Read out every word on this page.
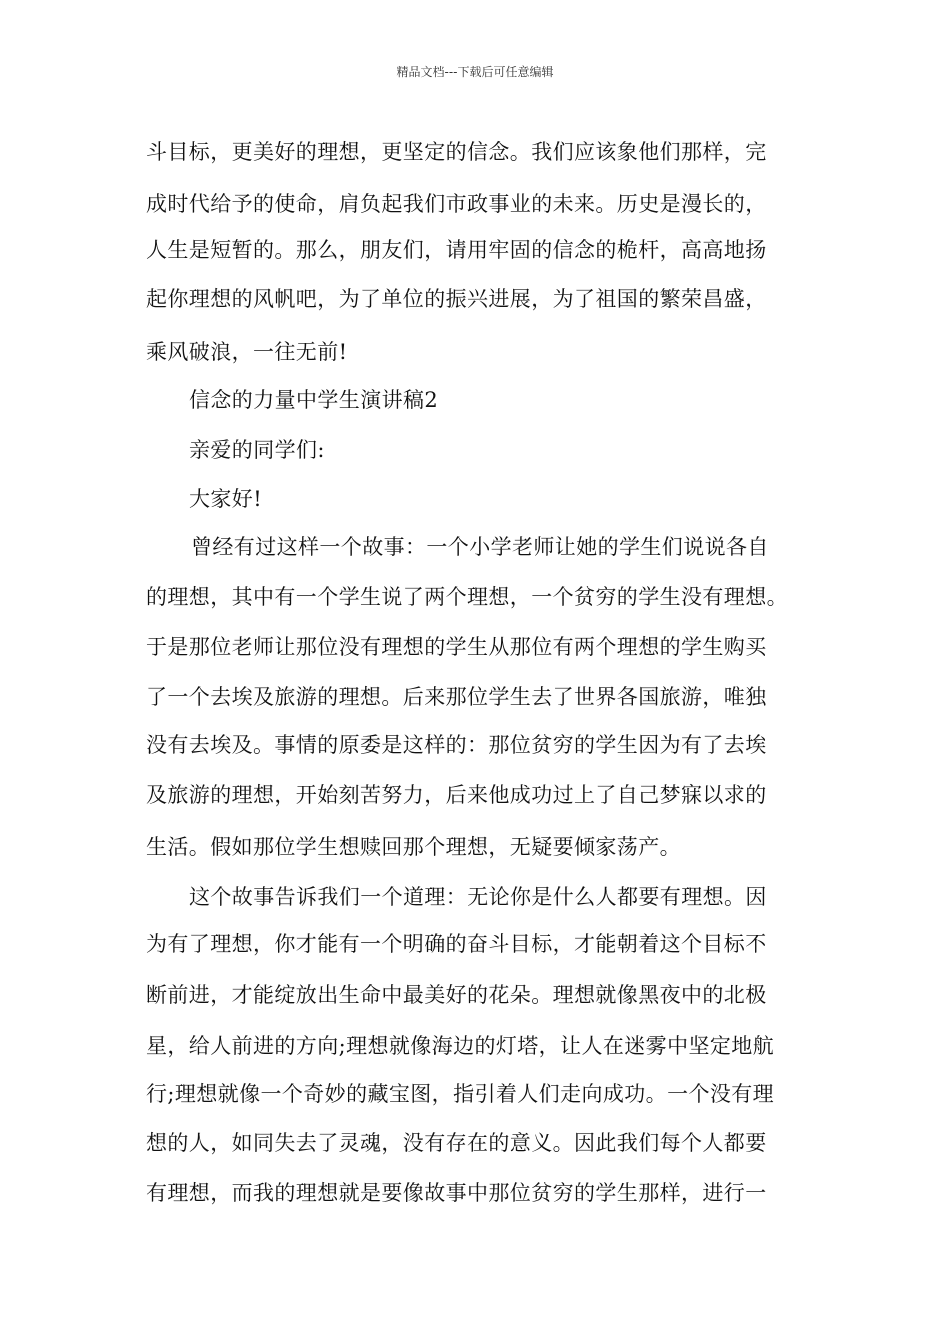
精品文档---下载后可任意编辑
斗目标，更美好的理想，更坚定的信念。我们应该象他们那样，完
成时代给予的使命，肩负起我们市政事业的未来。历史是漫长的，
人生是短暂的。那么，朋友们，请用牢固的信念的桅杆，高高地扬
起你理想的风帆吧，为了单位的振兴进展，为了祖国的繁荣昌盛，
乘风破浪，一往无前!
信念的力量中学生演讲稿2
亲爱的同学们:
大家好!
曾经有过这样一个故事：一个小学老师让她的学生们说说各自
的理想，其中有一个学生说了两个理想，一个贫穷的学生没有理想。
于是那位老师让那位没有理想的学生从那位有两个理想的学生购买
了一个去埃及旅游的理想。后来那位学生去了世界各国旅游，唯独
没有去埃及。事情的原委是这样的：那位贫穷的学生因为有了去埃
及旅游的理想，开始刻苦努力，后来他成功过上了自己梦寐以求的
生活。假如那位学生想赎回那个理想，无疑要倾家荡产。
这个故事告诉我们一个道理：无论你是什么人都要有理想。因
为有了理想，你才能有一个明确的奋斗目标，才能朝着这个目标不
断前进，才能绽放出生命中最美好的花朵。理想就像黑夜中的北极
星，给人前进的方向;理想就像海边的灯塔，让人在迷雾中坚定地航
行;理想就像一个奇妙的藏宝图，指引着人们走向成功。一个没有理
想的人，如同失去了灵魂，没有存在的意义。因此我们每个人都要
有理想，而我的理想就是要像故事中那位贫穷的学生那样，进行一
